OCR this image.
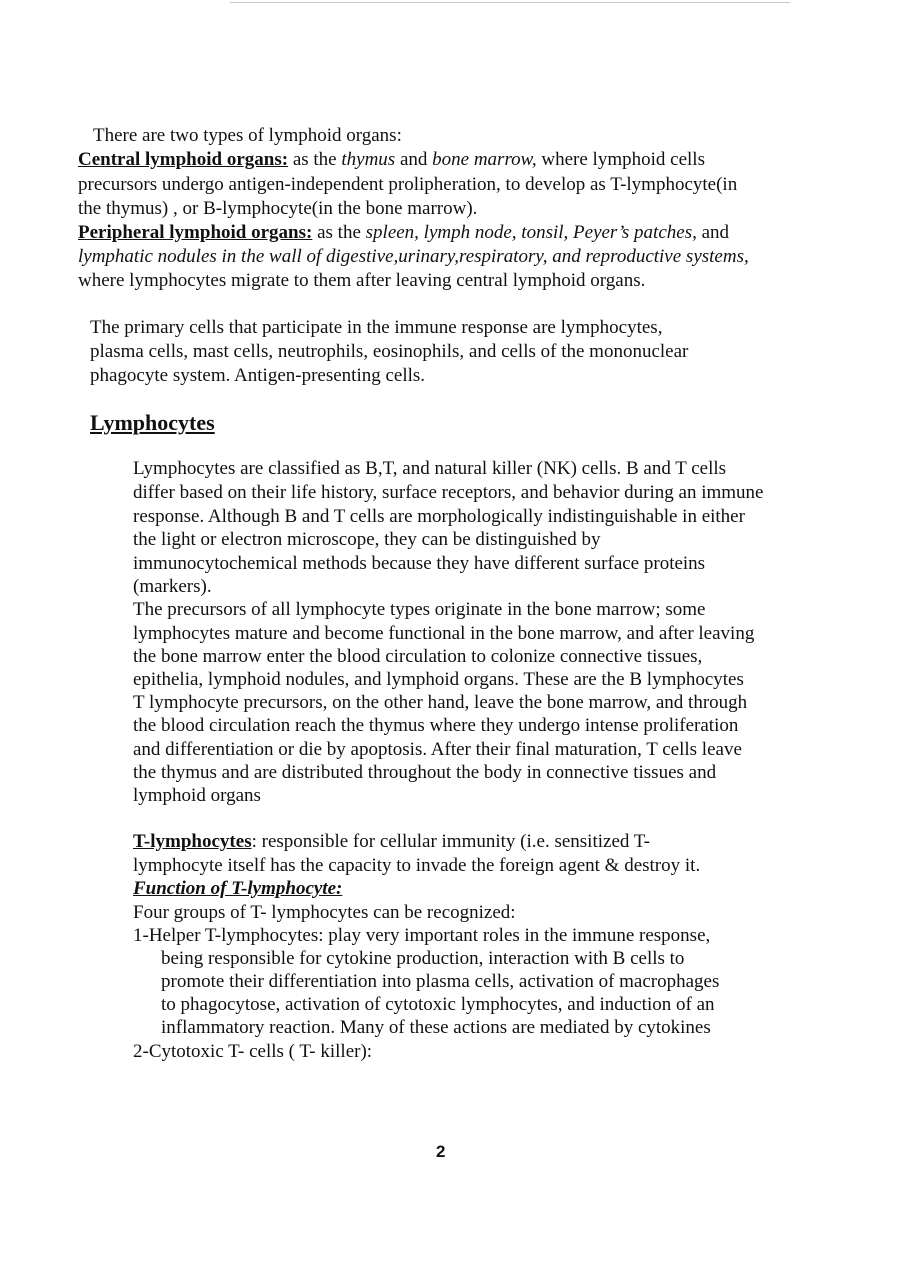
There are two types of lymphoid organs:
Central lymphoid organs: as the thymus and bone marrow, where lymphoid cells
precursors undergo antigen-independent prolipheration, to develop as T-lymphocyte(in
the thymus) , or B-lymphocyte(in the bone marrow).
Peripheral lymphoid organs: as the spleen, lymph node, tonsil, Peyer’s patches, and
lymphatic nodules in the wall of digestive,urinary,respiratory, and reproductive systems,
where lymphocytes migrate to them after leaving central lymphoid organs.
The primary cells that participate in the immune response are lymphocytes,
plasma cells, mast cells, neutrophils, eosinophils, and cells of the mononuclear
phagocyte system. Antigen-presenting cells.
Lymphocytes
Lymphocytes are classified as B,T, and natural killer (NK) cells. B and T cells
differ based on their life history, surface receptors, and behavior during an immune
response. Although B and T cells are morphologically indistinguishable in either
the light or electron microscope, they can be distinguished by
immunocytochemical methods because they have different surface proteins
(markers).
The precursors of all lymphocyte types originate in the bone marrow; some
lymphocytes mature and become functional in the bone marrow, and after leaving
the bone marrow enter the blood circulation to colonize connective tissues,
epithelia, lymphoid nodules, and lymphoid organs. These are the B lymphocytes
T lymphocyte precursors, on the other hand, leave the bone marrow, and through
the blood circulation reach the thymus where they undergo intense proliferation
and differentiation or die by apoptosis. After their final maturation, T cells leave
the thymus and are distributed throughout the body in connective tissues and
lymphoid organs
T-lymphocytes: responsible for cellular immunity (i.e. sensitized T-
lymphocyte itself has the capacity to invade the foreign agent & destroy it.
Function of T-lymphocyte:
Four groups of T- lymphocytes can be recognized:
1-Helper T-lymphocytes: play very important roles in the immune response,
being responsible for cytokine production, interaction with B cells to
promote their differentiation into plasma cells, activation of macrophages
to phagocytose, activation of cytotoxic lymphocytes, and induction of an
inflammatory reaction. Many of these actions are mediated by cytokines
2-Cytotoxic T- cells ( T- killer):
2
